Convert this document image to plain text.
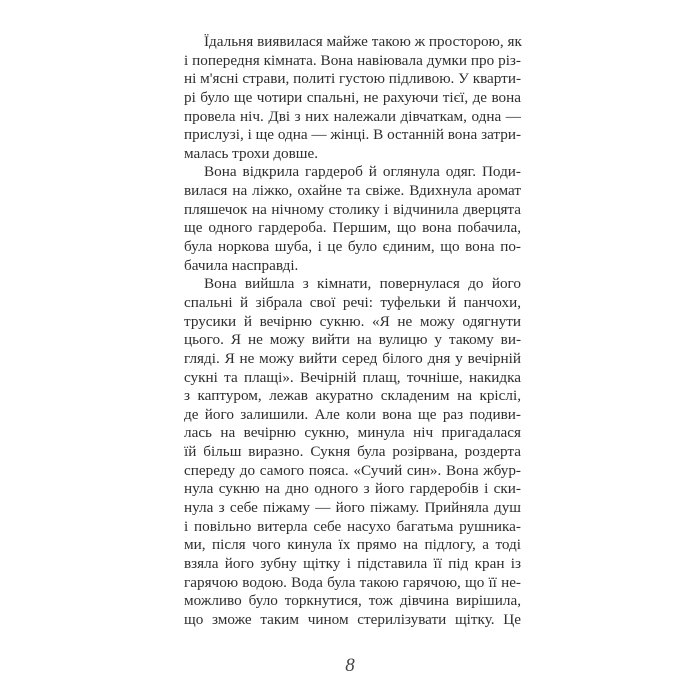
Їдальня виявилася майже такою ж просторою, як
і попередня кімната. Вона навіювала думки про різ-
ні м'ясні страви, политі густою підливою. У кварти-
рі було ще чотири спальні, не рахуючи тієї, де вона
провела ніч. Дві з них належали дівчаткам, одна —
прислузі, і ще одна — жінці. В останній вона затри-
малась трохи довше.
Вона відкрила гардероб й оглянула одяг. Поди-
вилася на ліжко, охайне та свіже. Вдихнула аромат
пляшечок на нічному столику і відчинила дверцята
ще одного гардероба. Першим, що вона побачила,
була норкова шуба, і це було єдиним, що вона по-
бачила насправді.
Вона вийшла з кімнати, повернулася до його
спальні й зібрала свої речі: туфельки й панчохи,
трусики й вечірню сукню. «Я не можу одягнути
цього. Я не можу вийти на вулицю у такому ви-
гляді. Я не можу вийти серед білого дня у вечірній
сукні та плащі». Вечірній плащ, точніше, накидка
з каптуром, лежав акуратно складеним на кріслі,
де його залишили. Але коли вона ще раз подиви-
лась на вечірню сукню, минула ніч пригадалася
їй більш виразно. Сукня була розірвана, роздерта
спереду до самого пояса. «Сучий син». Вона жбур-
нула сукню на дно одного з його гардеробів і ски-
нула з себе піжаму — його піжаму. Прийняла душ
і повільно витерла себе насухо багатьма рушника-
ми, після чого кинула їх прямо на підлогу, а тоді
взяла його зубну щітку і підставила її під кран із
гарячою водою. Вода була такою гарячою, що її не-
можливо було торкнутися, тож дівчина вирішила,
що зможе таким чином стерилізувати щітку. Це
8
